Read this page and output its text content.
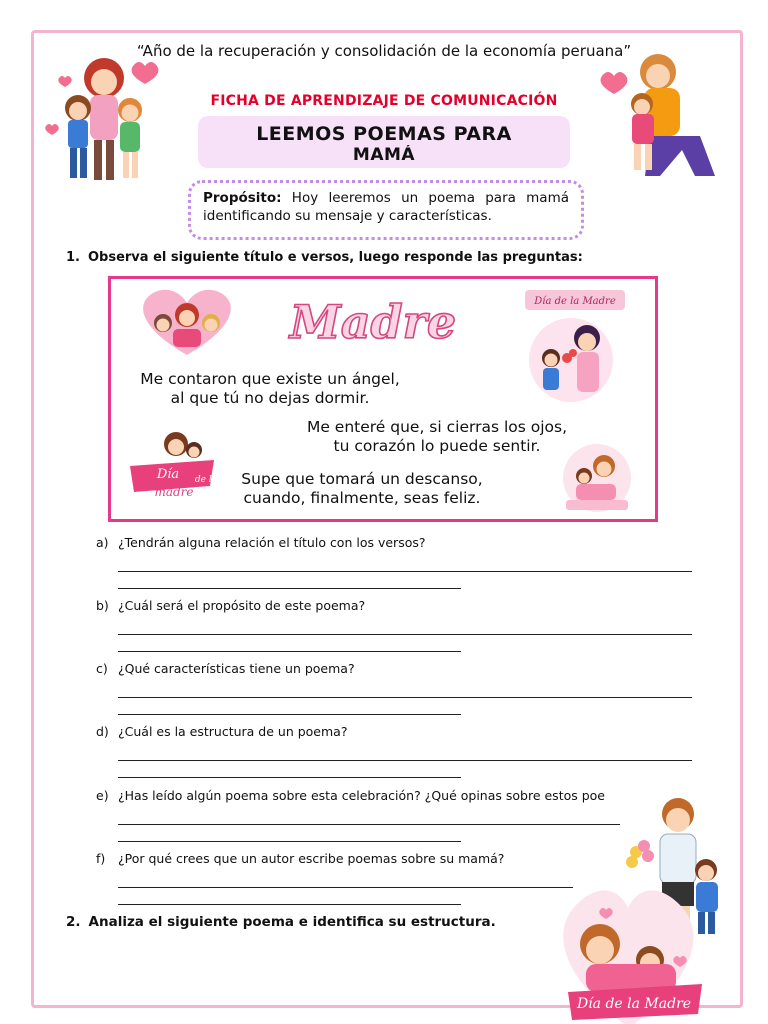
“Año de la recuperación y consolidación de la economía peruana”
FICHA DE APRENDIZAJE DE COMUNICACIÓN
LEEMOS POEMAS PARA
MAMÁ
Propósito: Hoy leeremos un poema para mamá identificando su mensaje y características.
1. Observa el siguiente título e versos, luego responde las preguntas:
Madre	Día de la Madre
Día de la
madre
Me contaron que existe un ángel,
al que tú no dejas dormir.
Me enteré que, si cierras los ojos,
tu corazón lo puede sentir.
Supe que tomará un descanso,
cuando, finalmente, seas feliz.
a) ¿Tendrán alguna relación el título con los versos?
b) ¿Cuál será el propósito de este poema?
c) ¿Qué características tiene un poema?
d) ¿Cuál es la estructura de un poema?
e) ¿Has leído algún poema sobre esta celebración? ¿Qué opinas sobre estos poe
f) ¿Por qué crees que un autor escribe poemas sobre su mamá?
2. Analiza el siguiente poema e identifica su estructura.
Día de la Madre
